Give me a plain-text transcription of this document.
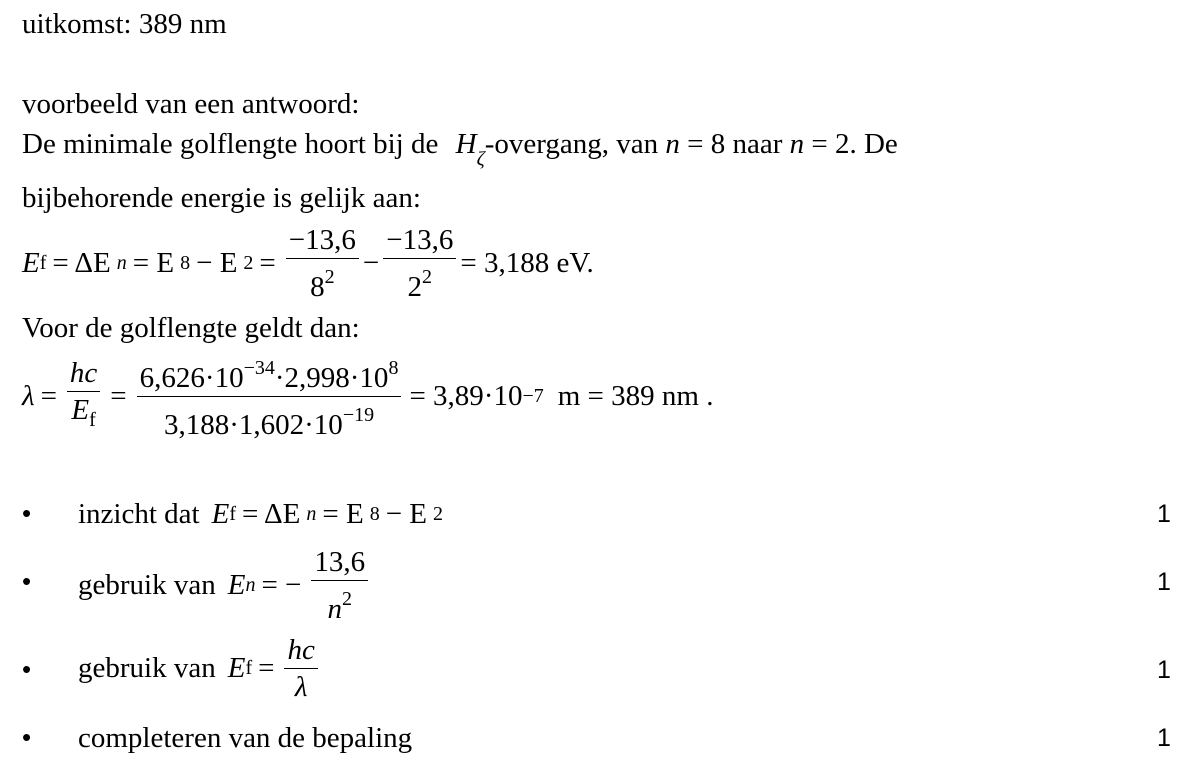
uitkomst: 389 nm
voorbeeld van een antwoord:
De minimale golflengte hoort bij de $H_\zeta$-overgang, van n = 8 naar n = 2. De
bijbehorende energie is gelijk aan:
E f = ΔE n = E 8 − E $2 = \frac{-13,6}{8^2} - \frac{-13,6}{2^2} = 3,188$ eV.
Voor de golflengte geldt dan:
$\lambda = \frac{hc}{E_f} = \frac{6,626\cdot 10^{-34}\cdot 2,998\cdot 10^8}{3,188\cdot 1,602\cdot 10^{-19}} = 3,89\cdot 10 -7$ m = 389 nm .
• inzicht dat E f = ΔE n = E 8 − E 2	1
• gebruik van E n = − $\frac{13,6}{n^2}$	1
• gebruik van E $f = \frac{hc}{\lambda}$	1
• completeren van de bepaling	1
